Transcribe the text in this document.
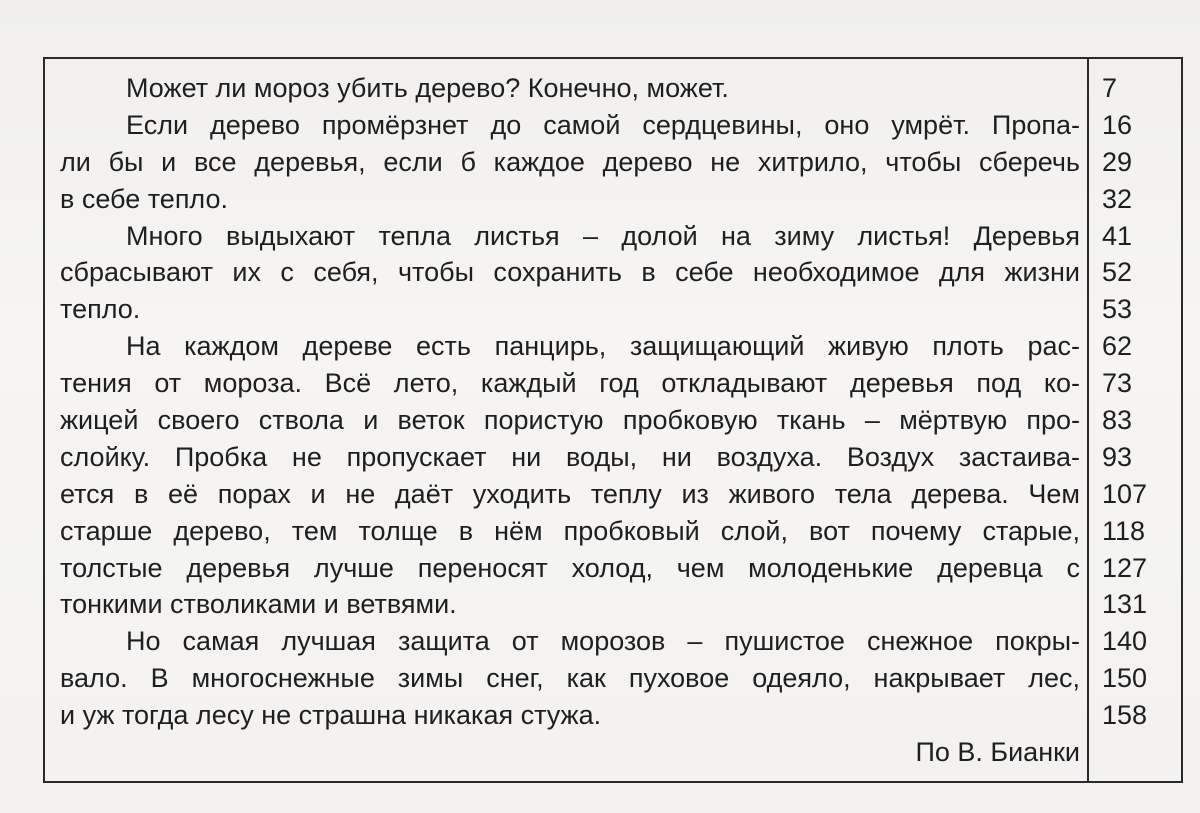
Может ли мороз убить дерево? Конечно, может.
Если дерево промёрзнет до самой сердцевины, оно умрёт. Пропа-
ли бы и все деревья, если б каждое дерево не хитрило, чтобы сберечь
в себе тепло.
Много выдыхают тепла листья – долой на зиму листья! Деревья
сбрасывают их с себя, чтобы сохранить в себе необходимое для жизни
тепло.
На каждом дереве есть панцирь, защищающий живую плоть рас-
тения от мороза. Всё лето, каждый год откладывают деревья под ко-
жицей своего ствола и веток пористую пробковую ткань – мёртвую про-
слойку. Пробка не пропускает ни воды, ни воздуха. Воздух застаива-
ется в её порах и не даёт уходить теплу из живого тела дерева. Чем
старше дерево, тем толще в нём пробковый слой, вот почему старые,
толстые деревья лучше переносят холод, чем молоденькие деревца с
тонкими стволиками и ветвями.
Но самая лучшая защита от морозов – пушистое снежное покры-
вало. В многоснежные зимы снег, как пуховое одеяло, накрывает лес,
и уж тогда лесу не страшна никакая стужа.
По В. Бианки
7
16
29
32
41
52
53
62
73
83
93
107
118
127
131
140
150
158
